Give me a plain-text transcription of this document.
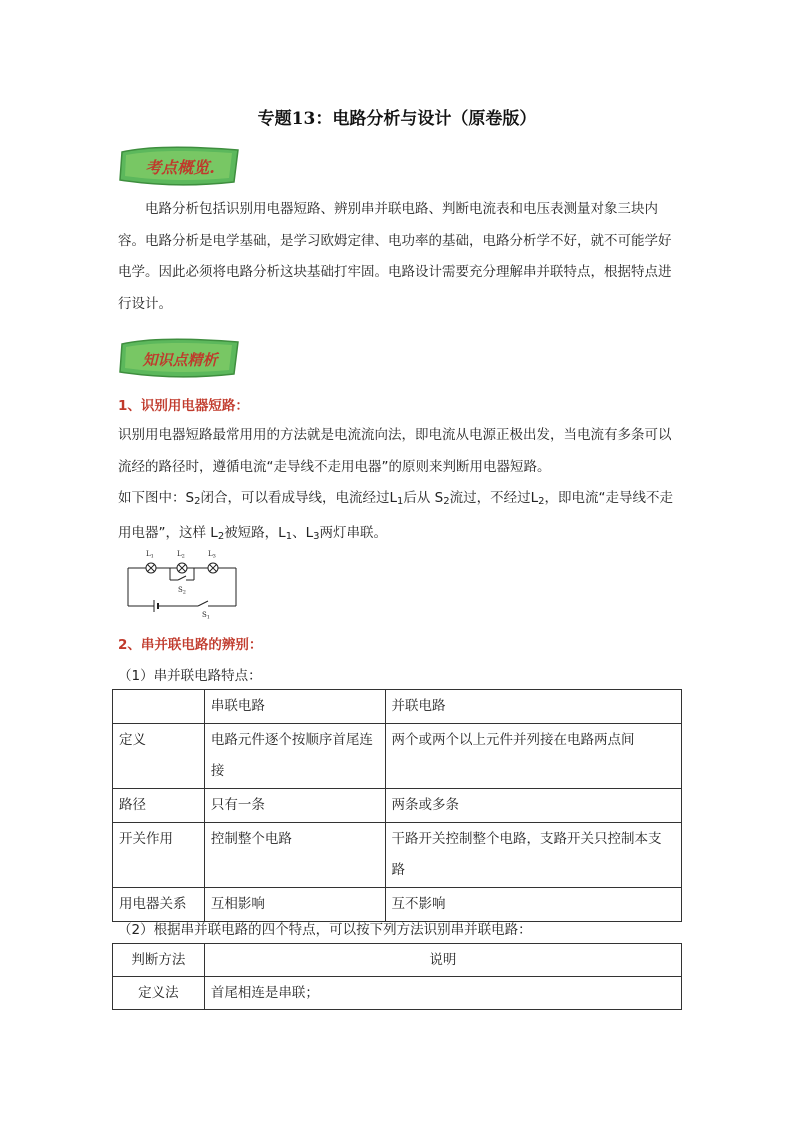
专题13：电路分析与设计（原卷版）
考点概览.

电路分析包括识别用电器短路、辨别串并联电路、判断电流表和电压表测量对象三块内容。电路分析是电学基础，是学习欧姆定律、电功率的基础，电路分析学不好，就不可能学好电学。因此必须将电路分析这块基础打牢固。电路设计需要充分理解串并联特点，根据特点进行设计。

知识点精析
1、识别用电器短路：

识别用电器短路最常用用的方法就是电流流向法，即电流从电源正极出发，当电流有多条可以流经的路径时，遵循电流“走导线不走用电器”的原则来判断用电器短路。

如下图中：$S_2$闭合，可以看成导线，电流经过$L_1$后从 $S_2$流过，不经过$L_2$，即电流“走导线不走用电器”，这样 $L_2$被短路，$L_1$、$L_3$两灯串联。

$L_1$	$L_2$	$L_3$
$S_2$
$S_1$
2、串并联电路的辨别：
（1）串并联电路特点：
	串联电路	并联电路
定义	电路元件逐个按顺序首尾连接	两个或两个以上元件并列接在电路两点间
路径	只有一条	两条或多条
开关作用	控制整个电路	干路开关控制整个电路，支路开关只控制本支路
用电器关系	互相影响	互不影响
（2）根据串并联电路的四个特点，可以按下列方法识别串并联电路：
判断方法	说明
定义法	首尾相连是串联；
